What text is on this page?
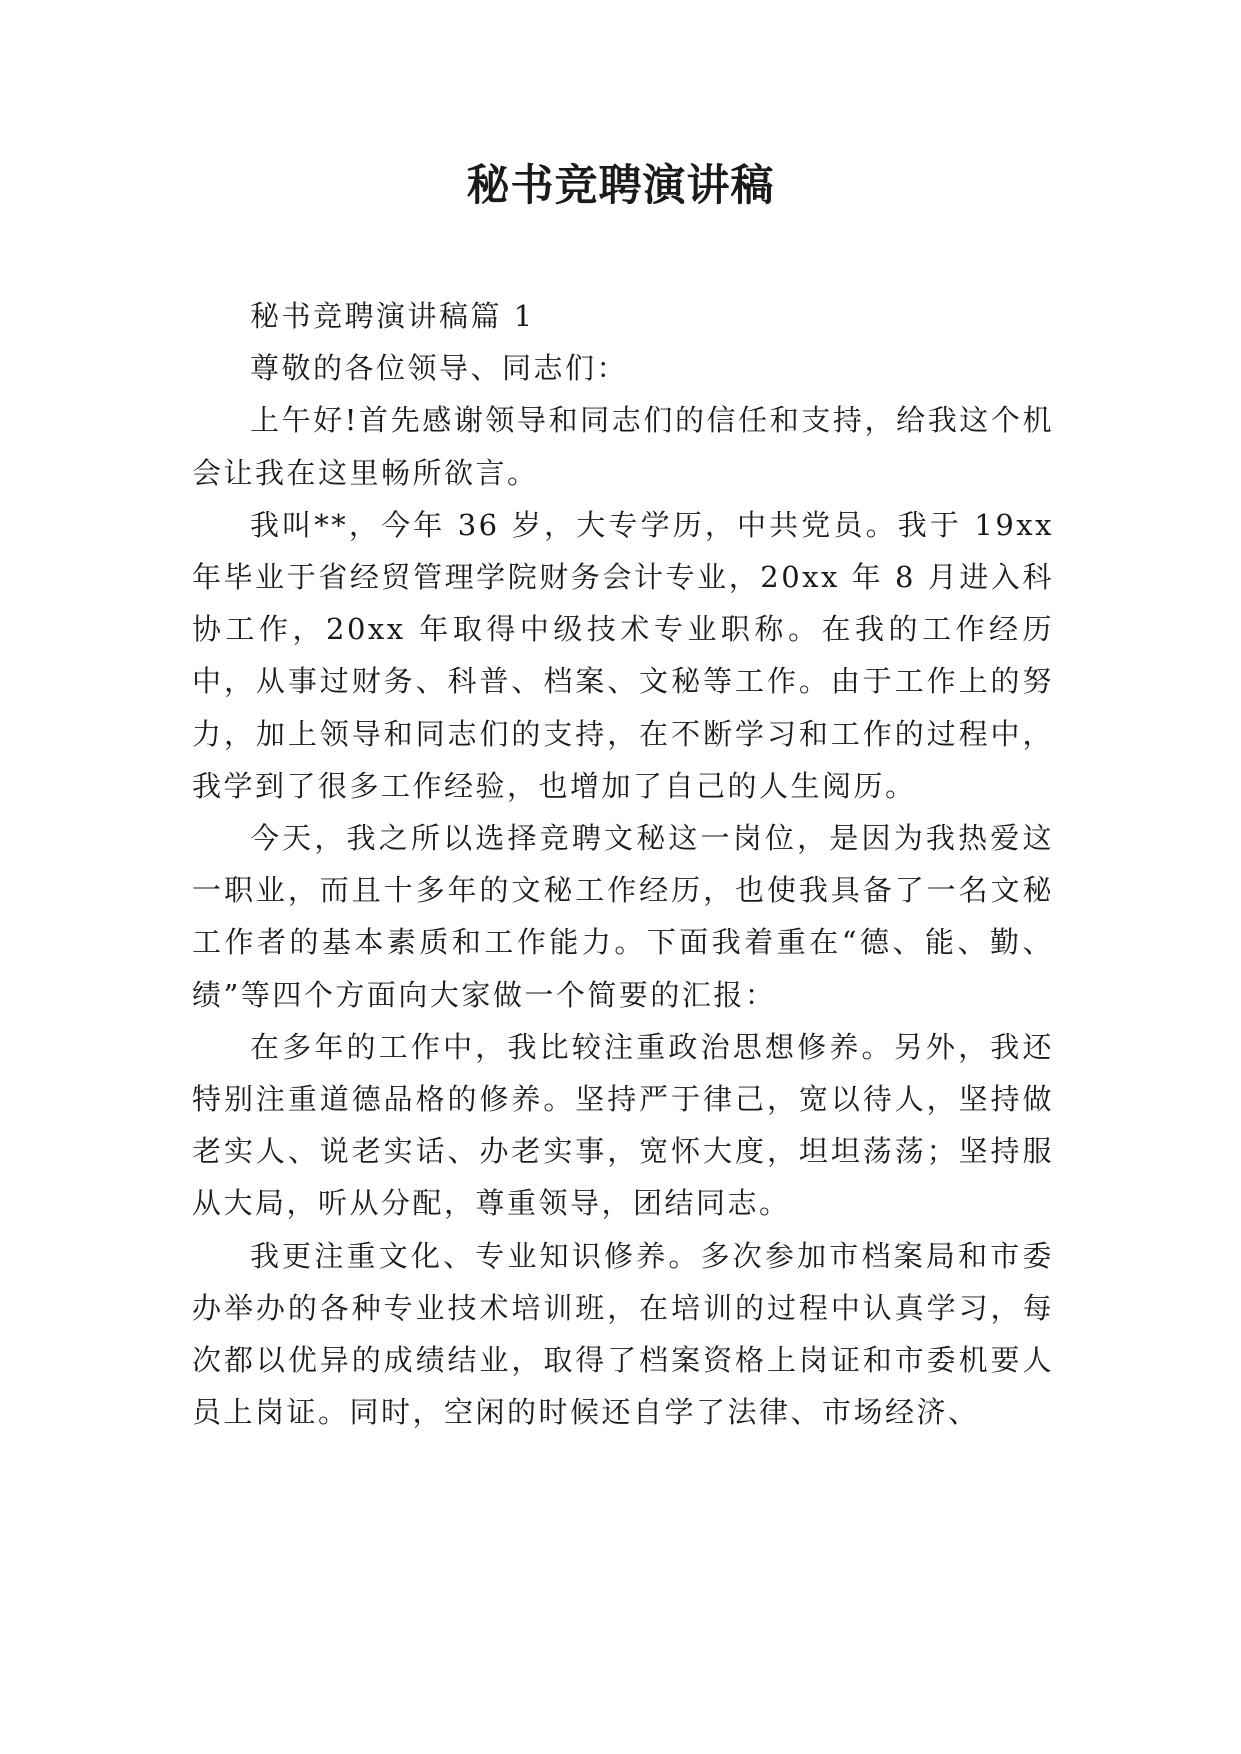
秘书竞聘演讲稿

秘书竞聘演讲稿篇 1

尊敬的各位领导、同志们：

上午好!首先感谢领导和同志们的信任和支持，给我这个机会让我在这里畅所欲言。

我叫**，今年 36 岁，大专学历，中共党员。我于 19xx 年毕业于省经贸管理学院财务会计专业，20xx 年 8 月进入科协工作，20xx 年取得中级技术专业职称。在我的工作经历中，从事过财务、科普、档案、文秘等工作。由于工作上的努力，加上领导和同志们的支持，在不断学习和工作的过程中，我学到了很多工作经验，也增加了自己的人生阅历。

今天，我之所以选择竞聘文秘这一岗位，是因为我热爱这一职业，而且十多年的文秘工作经历，也使我具备了一名文秘工作者的基本素质和工作能力。下面我着重在“德、能、勤、绩”等四个方面向大家做一个简要的汇报：

在多年的工作中，我比较注重政治思想修养。另外，我还特别注重道德品格的修养。坚持严于律己，宽以待人，坚持做老实人、说老实话、办老实事，宽怀大度，坦坦荡荡；坚持服从大局，听从分配，尊重领导，团结同志。

我更注重文化、专业知识修养。多次参加市档案局和市委办举办的各种专业技术培训班，在培训的过程中认真学习，每次都以优异的成绩结业，取得了档案资格上岗证和市委机要人员上岗证。同时，空闲的时候还自学了法律、市场经济、
